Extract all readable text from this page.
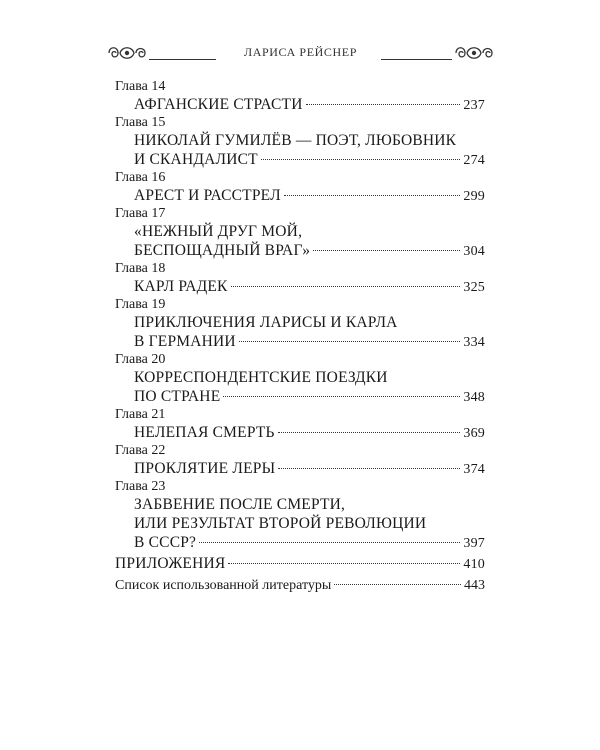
ЛАРИСА РЕЙСНЕР
Глава 14
АФГАНСКИЕ СТРАСТИ	237
Глава 15
НИКОЛАЙ ГУМИЛЁВ — ПОЭТ, ЛЮБОВНИК
И СКАНДАЛИСТ	274
Глава 16
АРЕСТ И РАССТРЕЛ	299
Глава 17
«НЕЖНЫЙ ДРУГ МОЙ,
БЕСПОЩАДНЫЙ ВРАГ»	304
Глава 18
КАРЛ РАДЕК	325
Глава 19
ПРИКЛЮЧЕНИЯ ЛАРИСЫ И КАРЛА
В ГЕРМАНИИ	334
Глава 20
КОРРЕСПОНДЕНТСКИЕ ПОЕЗДКИ
ПО СТРАНЕ	348
Глава 21
НЕЛЕПАЯ СМЕРТЬ	369
Глава 22
ПРОКЛЯТИЕ ЛЕРЫ	374
Глава 23
ЗАБВЕНИЕ ПОСЛЕ СМЕРТИ,
ИЛИ РЕЗУЛЬТАТ ВТОРОЙ РЕВОЛЮЦИИ
В СССР?	397
ПРИЛОЖЕНИЯ	410
Список использованной литературы	443
